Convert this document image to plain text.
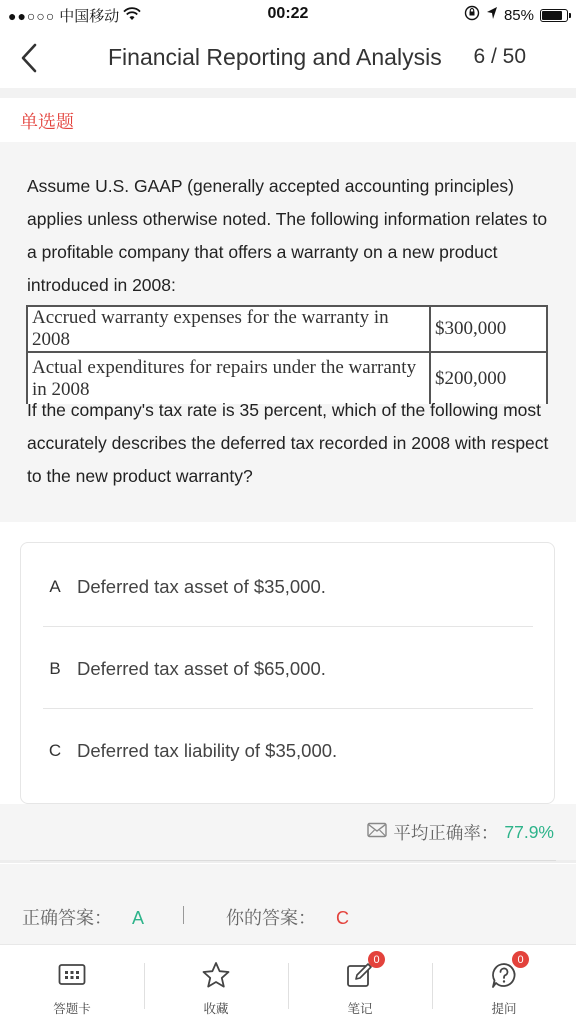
●●○○○ 中国移动	00:22	85%
Financial Reporting and Analysis 6 / 50
单选题
Assume U.S. GAAP (generally accepted accounting principles) applies unless otherwise noted. The following information relates to a profitable company that offers a warranty on a new product introduced in 2008:
Accrued warranty expenses for the warranty in 2008	$300,000
Actual expenditures for repairs under the warranty in 2008	$200,000
If the company's tax rate is 35 percent, which of the following most accurately describes the deferred tax recorded in 2008 with respect to the new product warranty?
A Deferred tax asset of $35,000.
B Deferred tax asset of $65,000.
C Deferred tax liability of $35,000.
平均正确率： 77.9%
正确答案： A	你的答案： C
答题卡	收藏
0
笔记
0
提问
